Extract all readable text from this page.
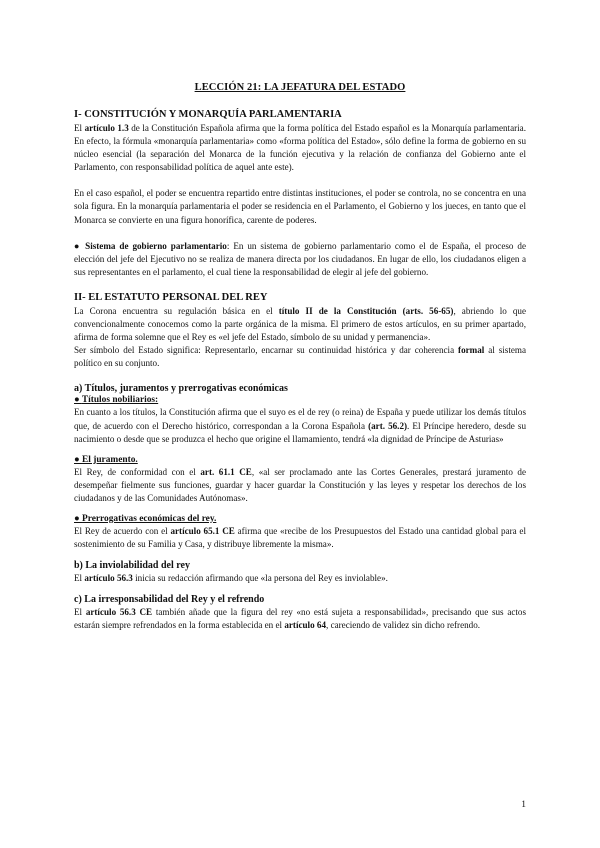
LECCIÓN 21: LA JEFATURA DEL ESTADO
I- CONSTITUCIÓN Y MONARQUÍA PARLAMENTARIA

El artículo 1.3 de la Constitución Española afirma que la forma política del Estado español es la Monarquía parlamentaria. En efecto, la fórmula «monarquía parlamentaria» como «forma política del Estado», sólo define la forma de gobierno en su núcleo esencial (la separación del Monarca de la función ejecutiva y la relación de confianza del Gobierno ante el Parlamento, con responsabilidad política de aquel ante este).

En el caso español, el poder se encuentra repartido entre distintas instituciones, el poder se controla, no se concentra en una sola figura. En la monarquía parlamentaria el poder se residencia en el Parlamento, el Gobierno y los jueces, en tanto que el Monarca se convierte en una figura honorífica, carente de poderes.

● Sistema de gobierno parlamentario: En un sistema de gobierno parlamentario como el de España, el proceso de elección del jefe del Ejecutivo no se realiza de manera directa por los ciudadanos. En lugar de ello, los ciudadanos eligen a sus representantes en el parlamento, el cual tiene la responsabilidad de elegir al jefe del gobierno.

II- EL ESTATUTO PERSONAL DEL REY

La Corona encuentra su regulación básica en el título II de la Constitución (arts. 56-65), abriendo lo que convencionalmente conocemos como la parte orgánica de la misma. El primero de estos artículos, en su primer apartado, afirma de forma solemne que el Rey es «el jefe del Estado, símbolo de su unidad y permanencia».

Ser símbolo del Estado significa: Representarlo, encarnar su continuidad histórica y dar coherencia formal al sistema político en su conjunto.

a) Títulos, juramentos y prerrogativas económicas
● Títulos nobiliarios:

En cuanto a los títulos, la Constitución afirma que el suyo es el de rey (o reina) de España y puede utilizar los demás títulos que, de acuerdo con el Derecho histórico, correspondan a la Corona Española (art. 56.2). El Príncipe heredero, desde su nacimiento o desde que se produzca el hecho que origine el llamamiento, tendrá «la dignidad de Príncipe de Asturias»

● El juramento.

El Rey, de conformidad con el art. 61.1 CE, «al ser proclamado ante las Cortes Generales, prestará juramento de desempeñar fielmente sus funciones, guardar y hacer guardar la Constitución y las leyes y respetar los derechos de los ciudadanos y de las Comunidades Autónomas».

● Prerrogativas económicas del rey.

El Rey de acuerdo con el artículo 65.1 CE afirma que «recibe de los Presupuestos del Estado una cantidad global para el sostenimiento de su Familia y Casa, y distribuye libremente la misma».

b) La inviolabilidad del rey

El artículo 56.3 inicia su redacción afirmando que «la persona del Rey es inviolable».

c) La irresponsabilidad del Rey y el refrendo

El artículo 56.3 CE también añade que la figura del rey «no está sujeta a responsabilidad», precisando que sus actos estarán siempre refrendados en la forma establecida en el artículo 64, careciendo de validez sin dicho refrendo.

1
